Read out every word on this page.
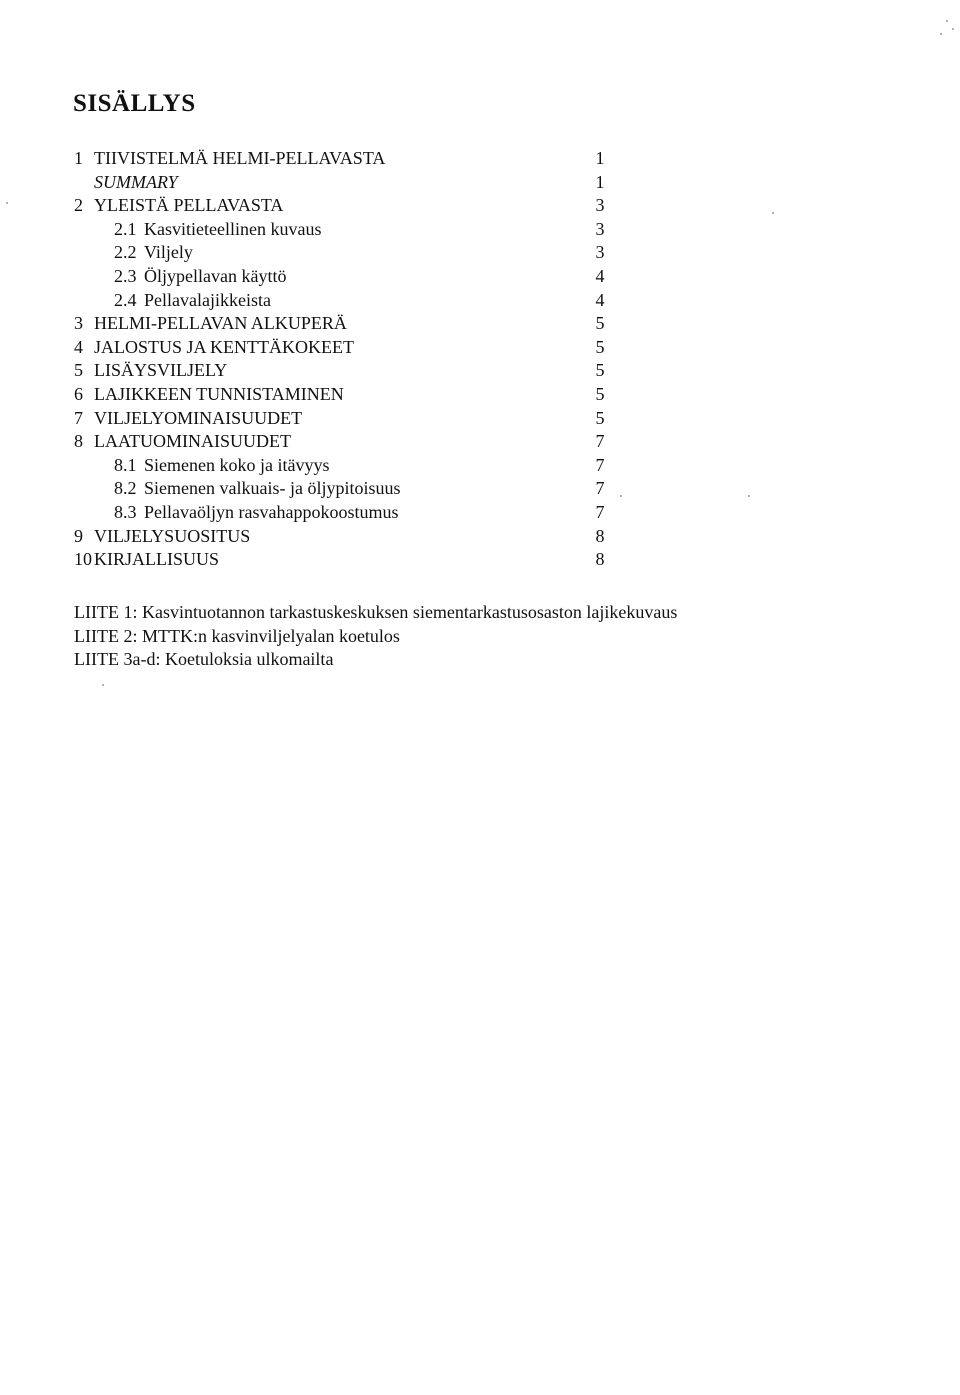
SISÄLLYS
1 TIIVISTELMÄ HELMI-PELLAVASTA	1
SUMMARY	1
2 YLEISTÄ PELLAVASTA	3
2.1 Kasvitieteellinen kuvaus	3
2.2 Viljely	3
2.3 Öljypellavan käyttö	4
2.4 Pellavalajikkeista	4
3 HELMI-PELLAVAN ALKUPERÄ	5
4 JALOSTUS JA KENTTÄKOKEET	5
5 LISÄYSVILJELY	5
6 LAJIKKEEN TUNNISTAMINEN	5
7 VILJELYOMINAISUUDET	5
8 LAATUOMINAISUUDET	7
8.1 Siemenen koko ja itävyys	7
8.2 Siemenen valkuais- ja öljypitoisuus	7
8.3 Pellavaöljyn rasvahappokoostumus	7
9 VILJELYSUOSITUS	8
10 KIRJALLISUUS	8
LIITE 1: Kasvintuotannon tarkastuskeskuksen siementarkastusosaston lajikekuvaus
LIITE 2: MTTK:n kasvinviljelyalan koetulos
LIITE 3a-d: Koetuloksia ulkomailta
